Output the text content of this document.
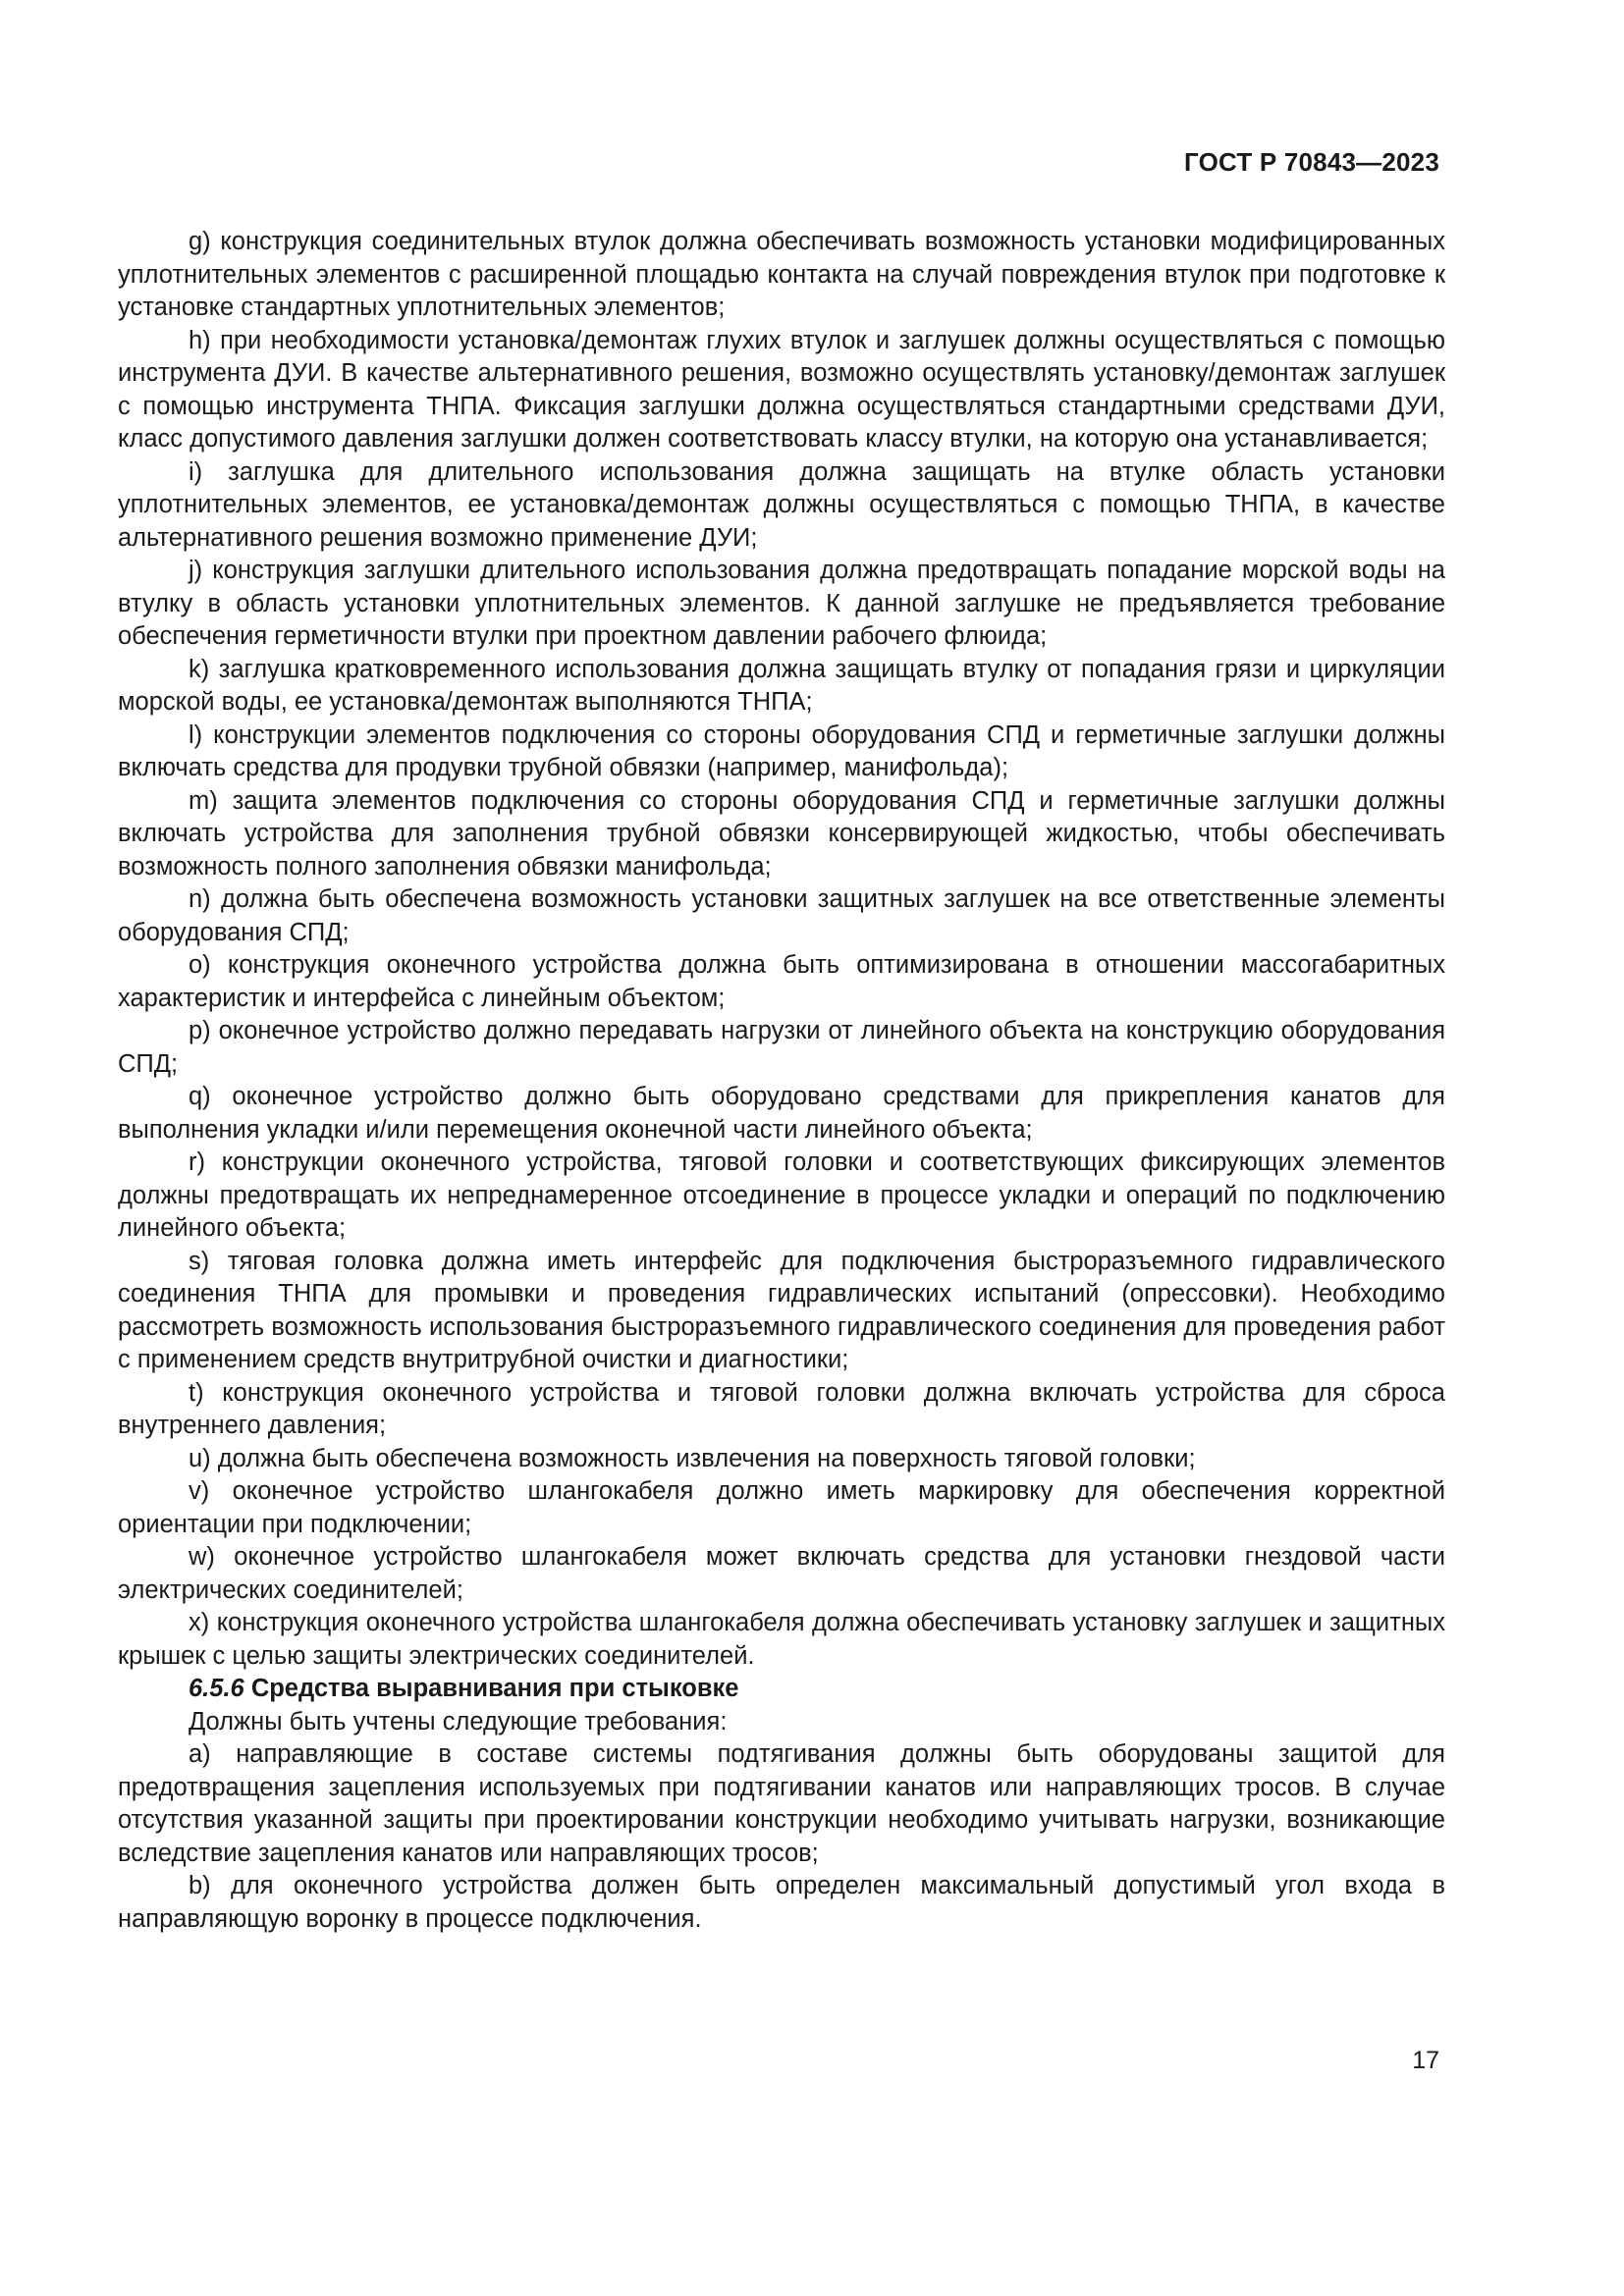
ГОСТ Р 70843—2023

g) конструкция соединительных втулок должна обеспечивать возможность установки модифицированных уплотнительных элементов с расширенной площадью контакта на случай повреждения втулок при подготовке к установке стандартных уплотнительных элементов;

h) при необходимости установка/демонтаж глухих втулок и заглушек должны осуществляться с помощью инструмента ДУИ. В качестве альтернативного решения, возможно осуществлять установку/демонтаж заглушек с помощью инструмента ТНПА. Фиксация заглушки должна осуществляться стандартными средствами ДУИ, класс допустимого давления заглушки должен соответствовать классу втулки, на которую она устанавливается;

i) заглушка для длительного использования должна защищать на втулке область установки уплотнительных элементов, ее установка/демонтаж должны осуществляться с помощью ТНПА, в качестве альтернативного решения возможно применение ДУИ;

j) конструкция заглушки длительного использования должна предотвращать попадание морской воды на втулку в область установки уплотнительных элементов. К данной заглушке не предъявляется требование обеспечения герметичности втулки при проектном давлении рабочего флюида;

k) заглушка кратковременного использования должна защищать втулку от попадания грязи и циркуляции морской воды, ее установка/демонтаж выполняются ТНПА;

l) конструкции элементов подключения со стороны оборудования СПД и герметичные заглушки должны включать средства для продувки трубной обвязки (например, манифольда);

m) защита элементов подключения со стороны оборудования СПД и герметичные заглушки должны включать устройства для заполнения трубной обвязки консервирующей жидкостью, чтобы обеспечивать возможность полного заполнения обвязки манифольда;

n) должна быть обеспечена возможность установки защитных заглушек на все ответственные элементы оборудования СПД;

o) конструкция оконечного устройства должна быть оптимизирована в отношении массогабаритных характеристик и интерфейса с линейным объектом;

p) оконечное устройство должно передавать нагрузки от линейного объекта на конструкцию оборудования СПД;

q) оконечное устройство должно быть оборудовано средствами для прикрепления канатов для выполнения укладки и/или перемещения оконечной части линейного объекта;

r) конструкции оконечного устройства, тяговой головки и соответствующих фиксирующих элементов должны предотвращать их непреднамеренное отсоединение в процессе укладки и операций по подключению линейного объекта;

s) тяговая головка должна иметь интерфейс для подключения быстроразъемного гидравлического соединения ТНПА для промывки и проведения гидравлических испытаний (опрессовки). Необходимо рассмотреть возможность использования быстроразъемного гидравлического соединения для проведения работ с применением средств внутритрубной очистки и диагностики;

t) конструкция оконечного устройства и тяговой головки должна включать устройства для сброса внутреннего давления;

u) должна быть обеспечена возможность извлечения на поверхность тяговой головки;

v) оконечное устройство шлангокабеля должно иметь маркировку для обеспечения корректной ориентации при подключении;

w) оконечное устройство шлангокабеля может включать средства для установки гнездовой части электрических соединителей;

x) конструкция оконечного устройства шлангокабеля должна обеспечивать установку заглушек и защитных крышек с целью защиты электрических соединителей.

6.5.6 Средства выравнивания при стыковке

Должны быть учтены следующие требования:

a) направляющие в составе системы подтягивания должны быть оборудованы защитой для предотвращения зацепления используемых при подтягивании канатов или направляющих тросов. В случае отсутствия указанной защиты при проектировании конструкции необходимо учитывать нагрузки, возникающие вследствие зацепления канатов или направляющих тросов;

b) для оконечного устройства должен быть определен максимальный допустимый угол входа в направляющую воронку в процессе подключения.

17
